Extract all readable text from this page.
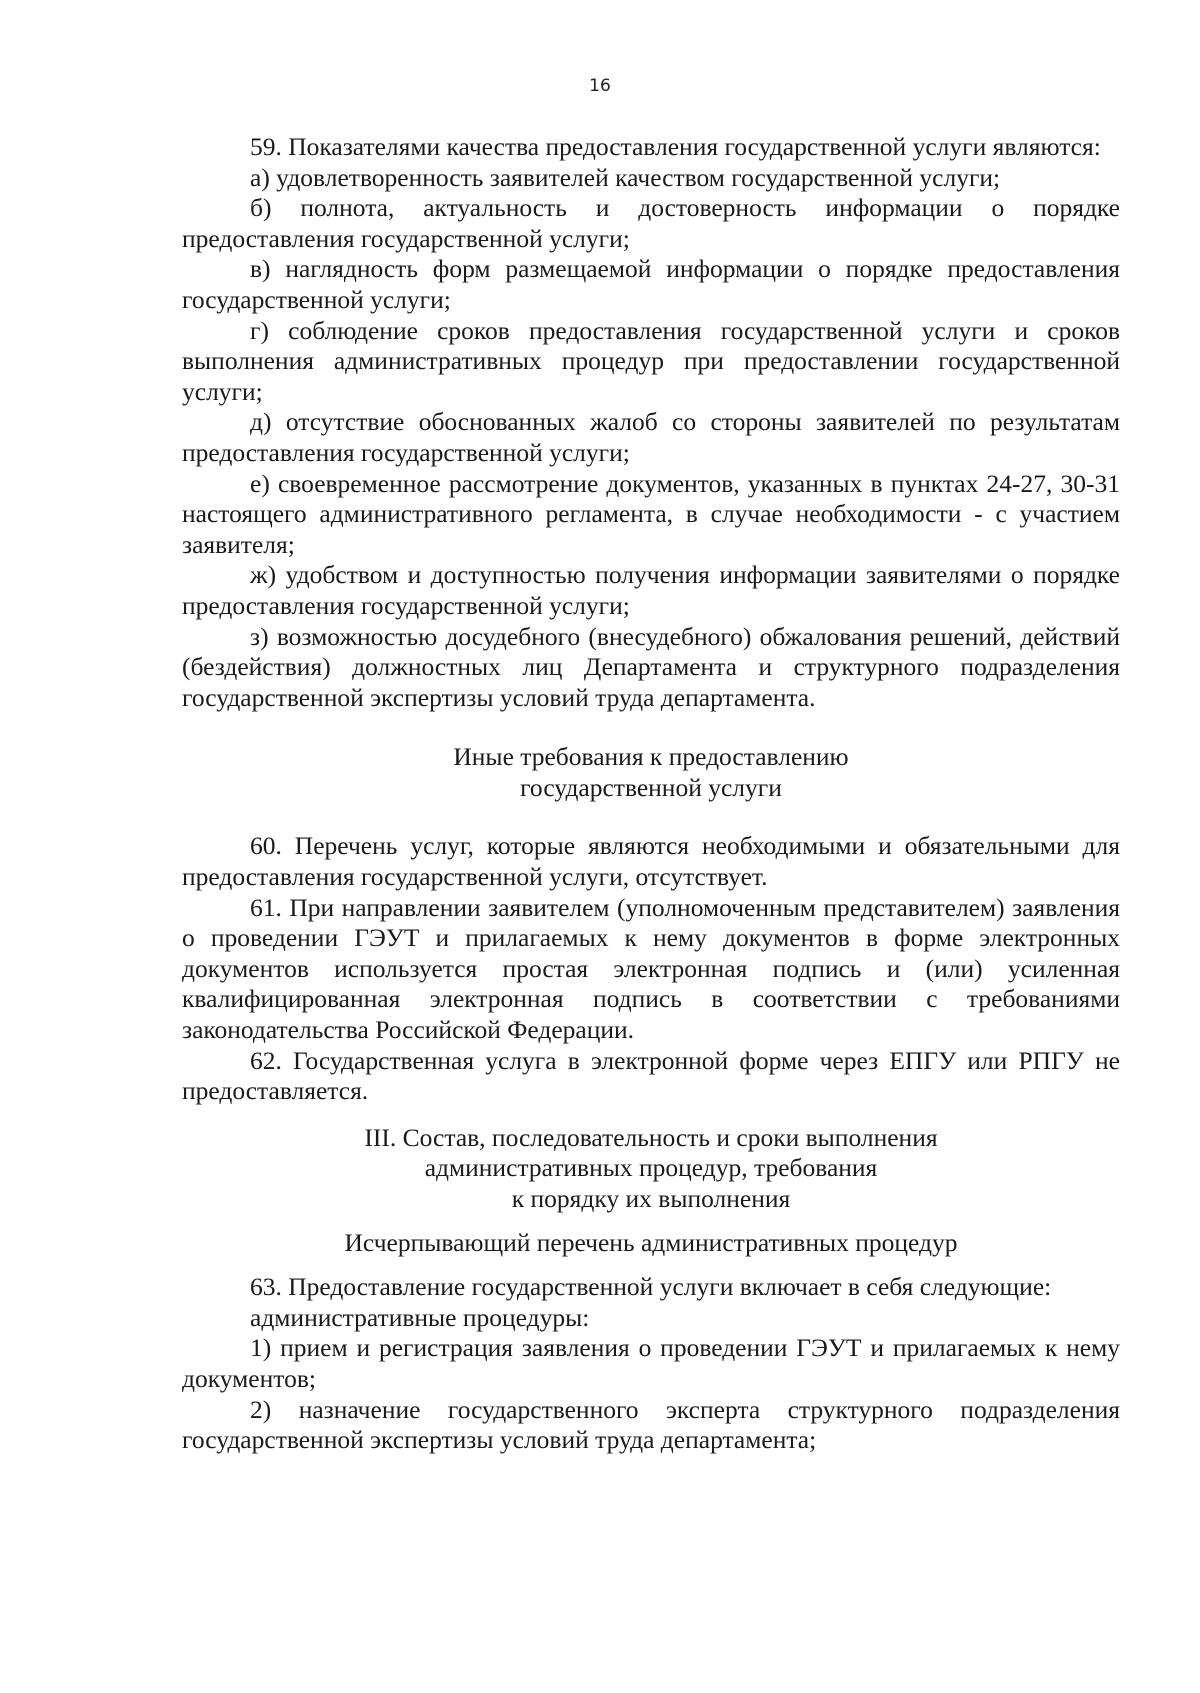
16

59. Показателями качества предоставления государственной услуги являются:

а) удовлетворенность заявителей качеством государственной услуги;

б) полнота, актуальность и достоверность информации о порядке предоставления государственной услуги;

в) наглядность форм размещаемой информации о порядке предоставления государственной услуги;

г) соблюдение сроков предоставления государственной услуги и сроков выполнения административных процедур при предоставлении государственной услуги;

д) отсутствие обоснованных жалоб со стороны заявителей по результатам предоставления государственной услуги;

е) своевременное рассмотрение документов, указанных в пунктах 24-27, 30-31 настоящего административного регламента, в случае необходимости - с участием заявителя;

ж) удобством и доступностью получения информации заявителями о порядке предоставления государственной услуги;

з) возможностью досудебного (внесудебного) обжалования решений, действий (бездействия) должностных лиц Департамента и структурного подразделения государственной экспертизы условий труда департамента.

Иные требования к предоставлению
государственной услуги

60. Перечень услуг, которые являются необходимыми и обязательными для предоставления государственной услуги, отсутствует.

61. При направлении заявителем (уполномоченным представителем) заявления о проведении ГЭУТ и прилагаемых к нему документов в форме электронных документов используется простая электронная подпись и (или) усиленная квалифицированная электронная подпись в соответствии с требованиями законодательства Российской Федерации.

62. Государственная услуга в электронной форме через ЕПГУ или РПГУ не предоставляется.

III. Состав, последовательность и сроки выполнения
административных процедур, требования
к порядку их выполнения
Исчерпывающий перечень административных процедур

63. Предоставление государственной услуги включает в себя следующие:

административные процедуры:

1) прием и регистрация заявления о проведении ГЭУТ и прилагаемых к нему документов;

2) назначение государственного эксперта структурного подразделения государственной экспертизы условий труда департамента;
